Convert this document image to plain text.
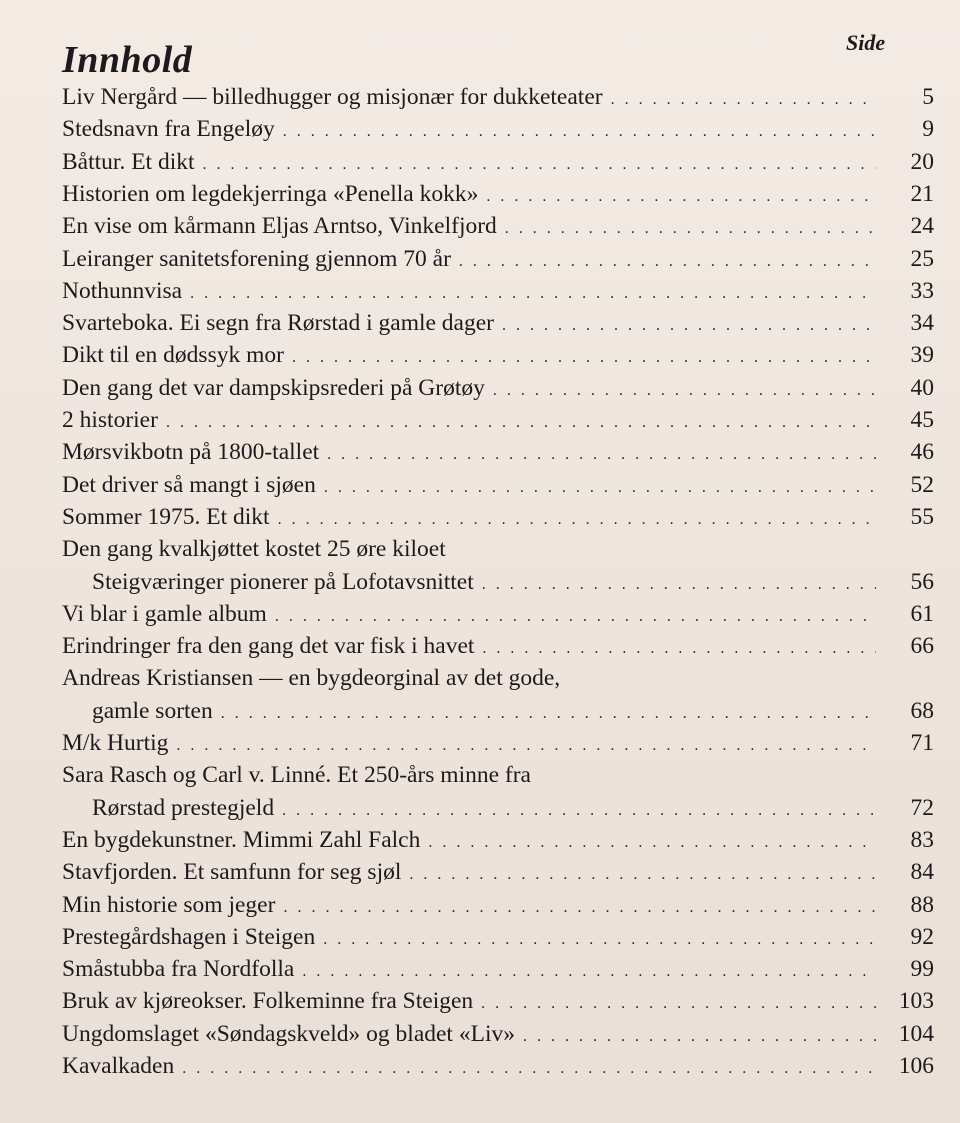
Innhold	Side
Liv Nergård — billedhugger og misjonær for dukketeater . . .	5
Stedsnavn fra Engeløy . . .	9
Båttur. Et dikt . . .	20
Historien om legdekjerringa «Penella kokk» . . .	21
En vise om kårmann Eljas Arntso, Vinkelfjord . . .	24
Leiranger sanitetsforening gjennom 70 år . . .	25
Nothunnvisa . . .	33
Svarteboka. Ei segn fra Rørstad i gamle dager . . .	34
Dikt til en dødssyk mor . . .	39
Den gang det var dampskipsrederi på Grøtøy . . .	40
2 historier . . .	45
Mørsvikbotn på 1800-tallet . . .	46
Det driver så mangt i sjøen . . .	52
Sommer 1975. Et dikt . . .	55
Den gang kvalkjøttet kostet 25 øre kiloet
Steigværinger pionerer på Lofotavsnittet . . .	56
Vi blar i gamle album . . .	61
Erindringer fra den gang det var fisk i havet . . .	66
Andreas Kristiansen — en bygdeorginal av det gode,
gamle sorten . . .	68
M/k Hurtig . . .	71
Sara Rasch og Carl v. Linné. Et 250-års minne fra
Rørstad prestegjeld . . .	72
En bygdekunstner. Mimmi Zahl Falch . . .	83
Stavfjorden. Et samfunn for seg sjøl . . .	84
Min historie som jeger . . .	88
Prestegårdshagen i Steigen . . .	92
Småstubba fra Nordfolla . . .	99
Bruk av kjøreokser. Folkeminne fra Steigen . . .	103
Ungdomslaget «Søndagskveld» og bladet «Liv» . . .	104
Kavalkaden . . .	106
